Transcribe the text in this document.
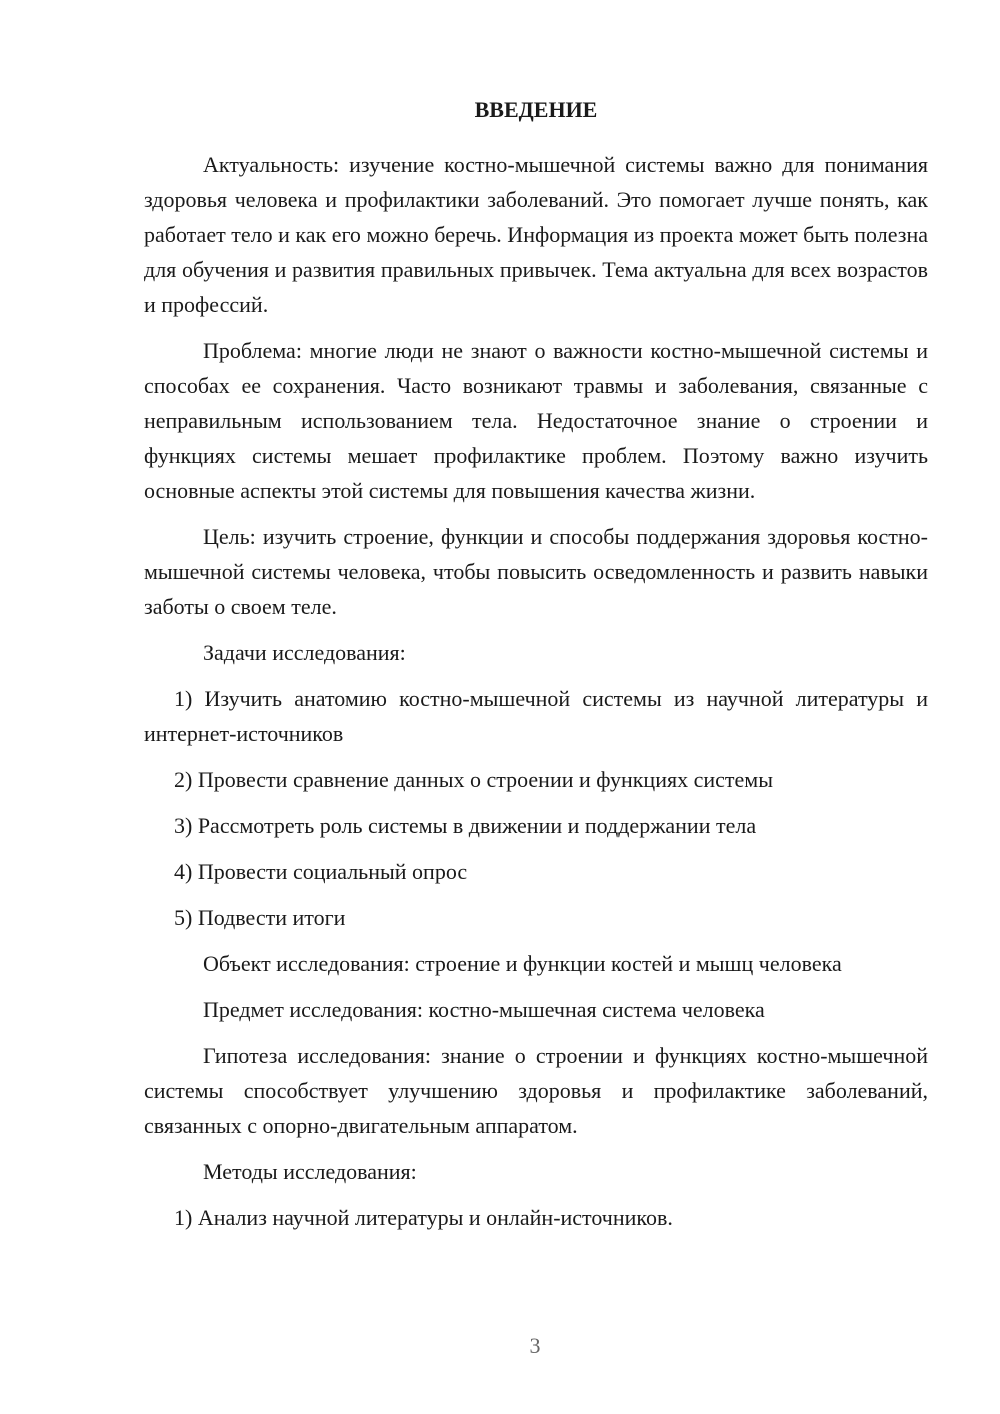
ВВЕДЕНИЕ

Актуальность: изучение костно-мышечной системы важно для понимания здоровья человека и профилактики заболеваний. Это помогает лучше понять, как работает тело и как его можно беречь. Информация из проекта может быть полезна для обучения и развития правильных привычек. Тема актуальна для всех возрастов и профессий.

Проблема: многие люди не знают о важности костно-мышечной системы и способах ее сохранения. Часто возникают травмы и заболевания, связанные с неправильным использованием тела. Недостаточное знание о строении и функциях системы мешает профилактике проблем. Поэтому важно изучить основные аспекты этой системы для повышения качества жизни.

Цель: изучить строение, функции и способы поддержания здоровья костно-мышечной системы человека, чтобы повысить осведомленность и развить навыки заботы о своем теле.

Задачи исследования:

1) Изучить анатомию костно-мышечной системы из научной литературы и интернет-источников

2) Провести сравнение данных о строении и функциях системы

3) Рассмотреть роль системы в движении и поддержании тела

4) Провести социальный опрос

5) Подвести итоги

Объект исследования: строение и функции костей и мышц человека

Предмет исследования: костно-мышечная система человека

Гипотеза исследования: знание о строении и функциях костно-мышечной системы способствует улучшению здоровья и профилактике заболеваний, связанных с опорно-двигательным аппаратом.

Методы исследования:

1) Анализ научной литературы и онлайн-источников.

3
